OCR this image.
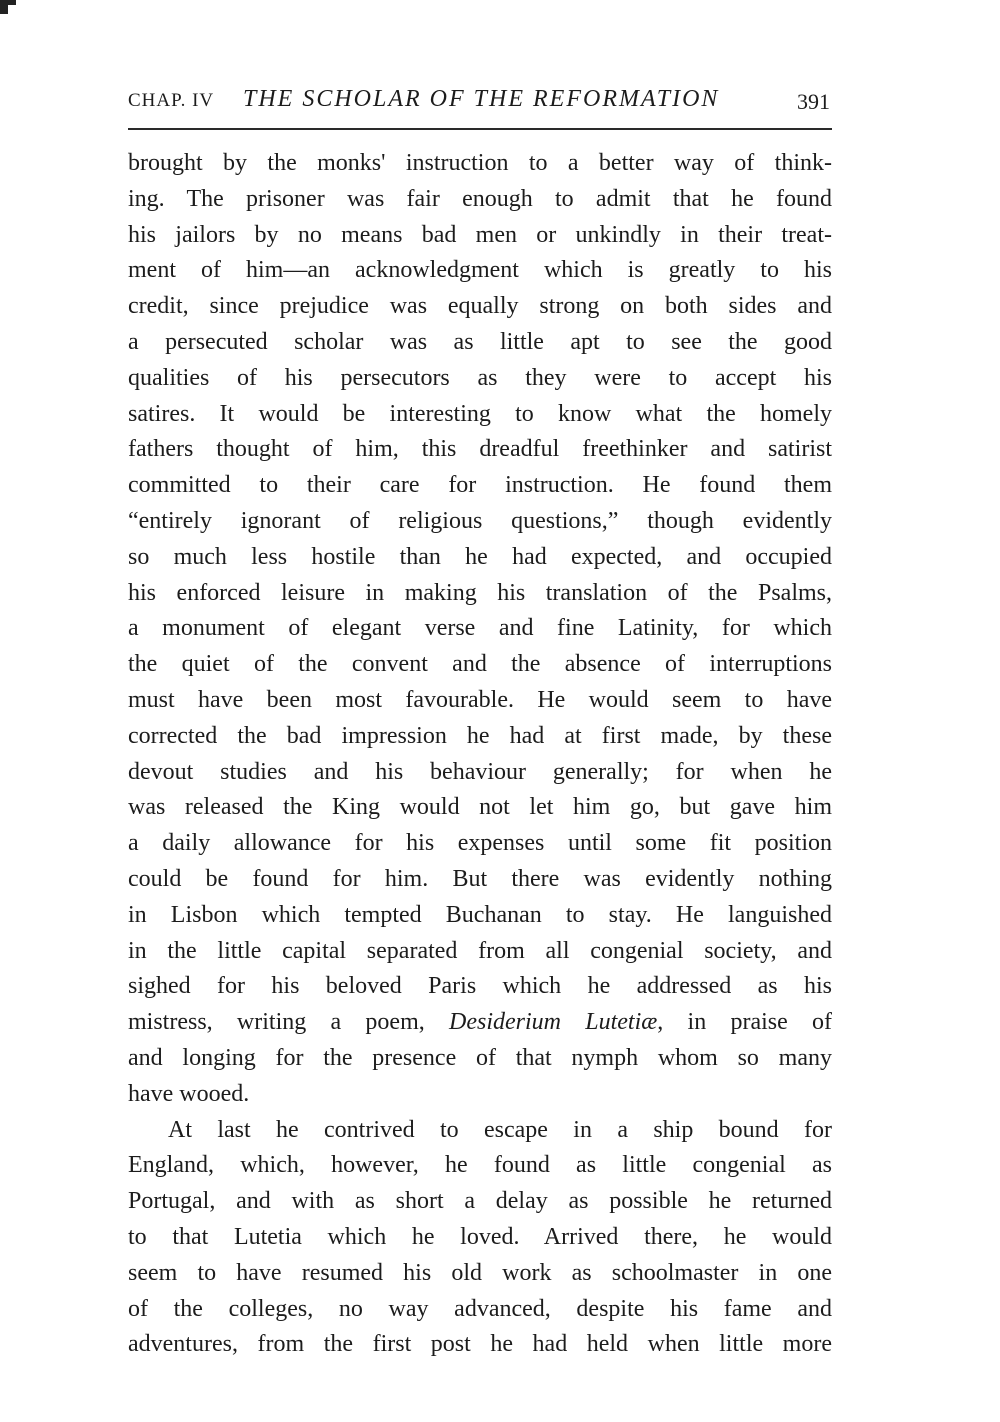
CHAP. IV THE SCHOLAR OF THE REFORMATION	391
brought by the monks' instruction to a better way of think-
ing. The prisoner was fair enough to admit that he found
his jailors by no means bad men or unkindly in their treat-
ment of him—an acknowledgment which is greatly to his
credit, since prejudice was equally strong on both sides and
a persecuted scholar was as little apt to see the good
qualities of his persecutors as they were to accept his
satires. It would be interesting to know what the homely
fathers thought of him, this dreadful freethinker and satirist
committed to their care for instruction. He found them
“entirely ignorant of religious questions,” though evidently
so much less hostile than he had expected, and occupied
his enforced leisure in making his translation of the Psalms,
a monument of elegant verse and fine Latinity, for which
the quiet of the convent and the absence of interruptions
must have been most favourable. He would seem to have
corrected the bad impression he had at first made, by these
devout studies and his behaviour generally; for when he
was released the King would not let him go, but gave him
a daily allowance for his expenses until some fit position
could be found for him. But there was evidently nothing
in Lisbon which tempted Buchanan to stay. He languished
in the little capital separated from all congenial society, and
sighed for his beloved Paris which he addressed as his
mistress, writing a poem, Desiderium Lutetiæ, in praise of
and longing for the presence of that nymph whom so many
have wooed.
At last he contrived to escape in a ship bound for
England, which, however, he found as little congenial as
Portugal, and with as short a delay as possible he returned
to that Lutetia which he loved. Arrived there, he would
seem to have resumed his old work as schoolmaster in one
of the colleges, no way advanced, despite his fame and
adventures, from the first post he had held when little more
